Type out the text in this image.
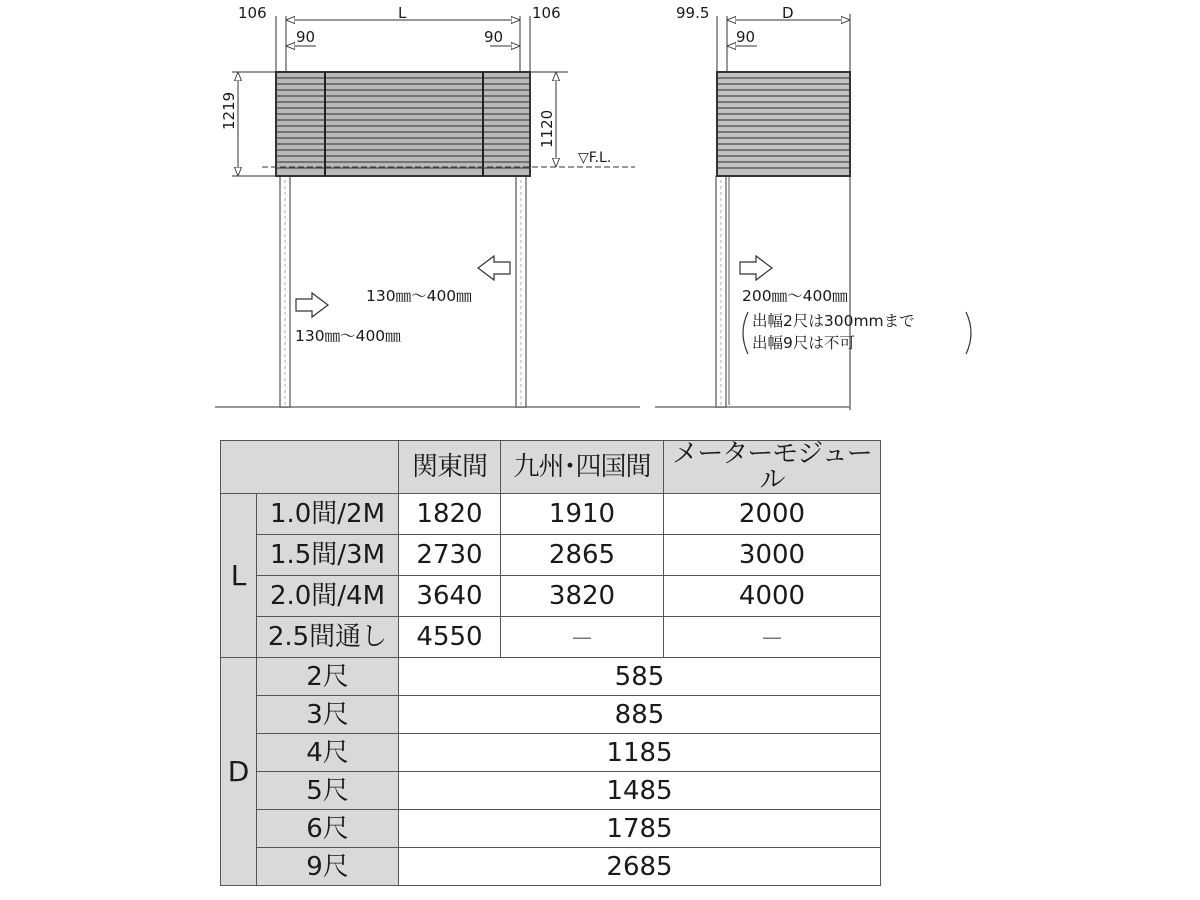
106	L	106
90	90
1219	1120
▽F.L.
130㎜～400㎜
130㎜～400㎜
99.5	D
90
200㎜～400㎜
出幅2尺は300mmまで
出幅9尺は不可
		関東間	九州･四国間	メーターモジュール
L	1.0間/2M	1820	1910	2000
	1.5間/3M	2730	2865	3000
	2.0間/4M	3640	3820	4000
	2.5間通し	4550	—	—
D	2尺	585		
	3尺	885		
	4尺	1185		
	5尺	1485		
	6尺	1785		
	9尺	2685		
